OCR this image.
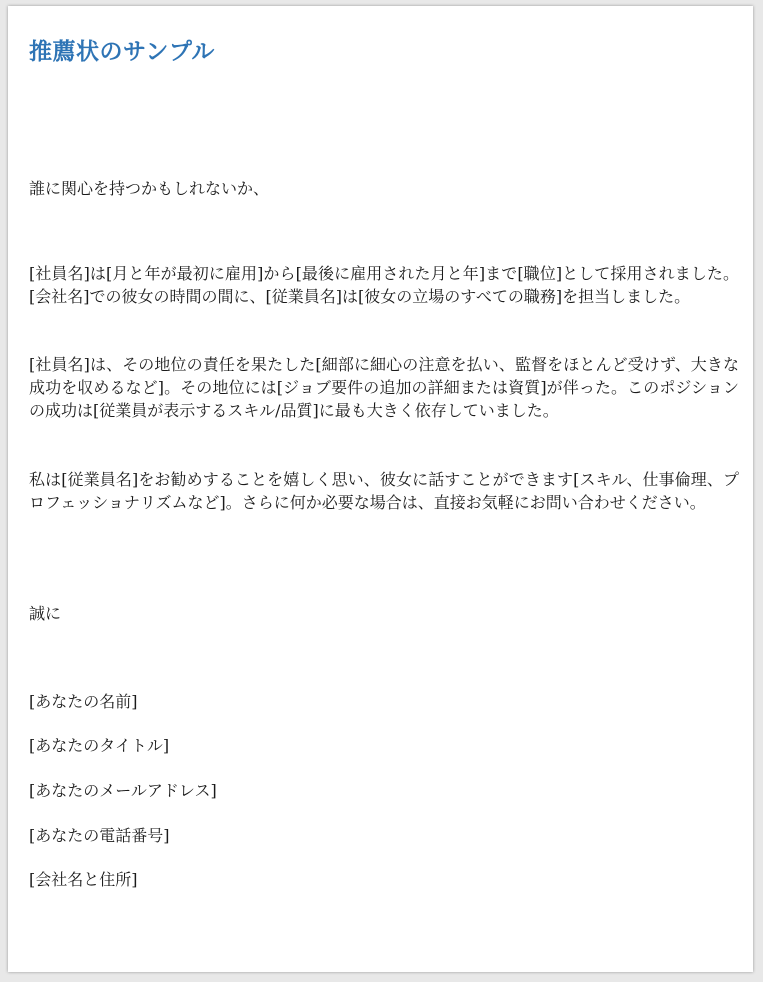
推薦状のサンプル

誰に関心を持つかもしれないか、

[社員名]は[月と年が最初に雇用]から[最後に雇用された月と年]まで[職位]として採用されました。[会社名]での彼女の時間の間に、[従業員名]は[彼女の立場のすべての職務]を担当しました。

[社員名]は、その地位の責任を果たした[細部に細心の注意を払い、監督をほとんど受けず、大きな成功を収めるなど]。その地位には[ジョブ要件の追加の詳細または資質]が伴った。このポジションの成功は[従業員が表示するスキル/品質]に最も大きく依存していました。

私は[従業員名]をお勧めすることを嬉しく思い、彼女に話すことができます[スキル、仕事倫理、プロフェッショナリズムなど]。さらに何か必要な場合は、直接お気軽にお問い合わせください。

誠に

[あなたの名前]

[あなたのタイトル]

[あなたのメールアドレス]

[あなたの電話番号]

[会社名と住所]
